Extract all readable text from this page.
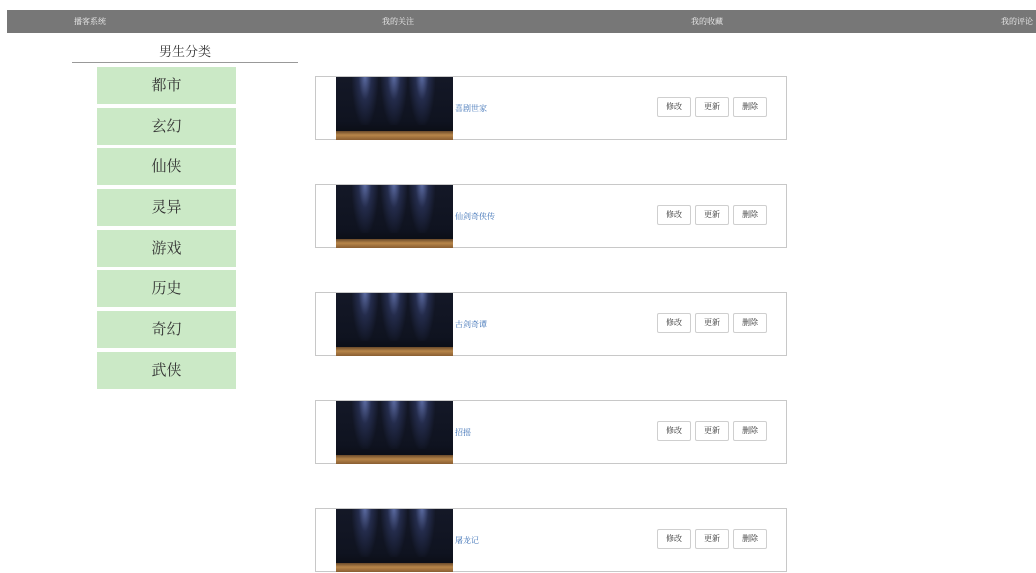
播客系统	我的关注	我的收藏	我的评论
男生分类
都市
玄幻
仙侠
灵异
游戏
历史
奇幻
武侠
喜剧世家	修改	更新	删除
仙剑奇侠传	修改	更新	删除
古剑奇谭	修改	更新	删除
招摇	修改	更新	删除
屠龙记	修改	更新	删除
